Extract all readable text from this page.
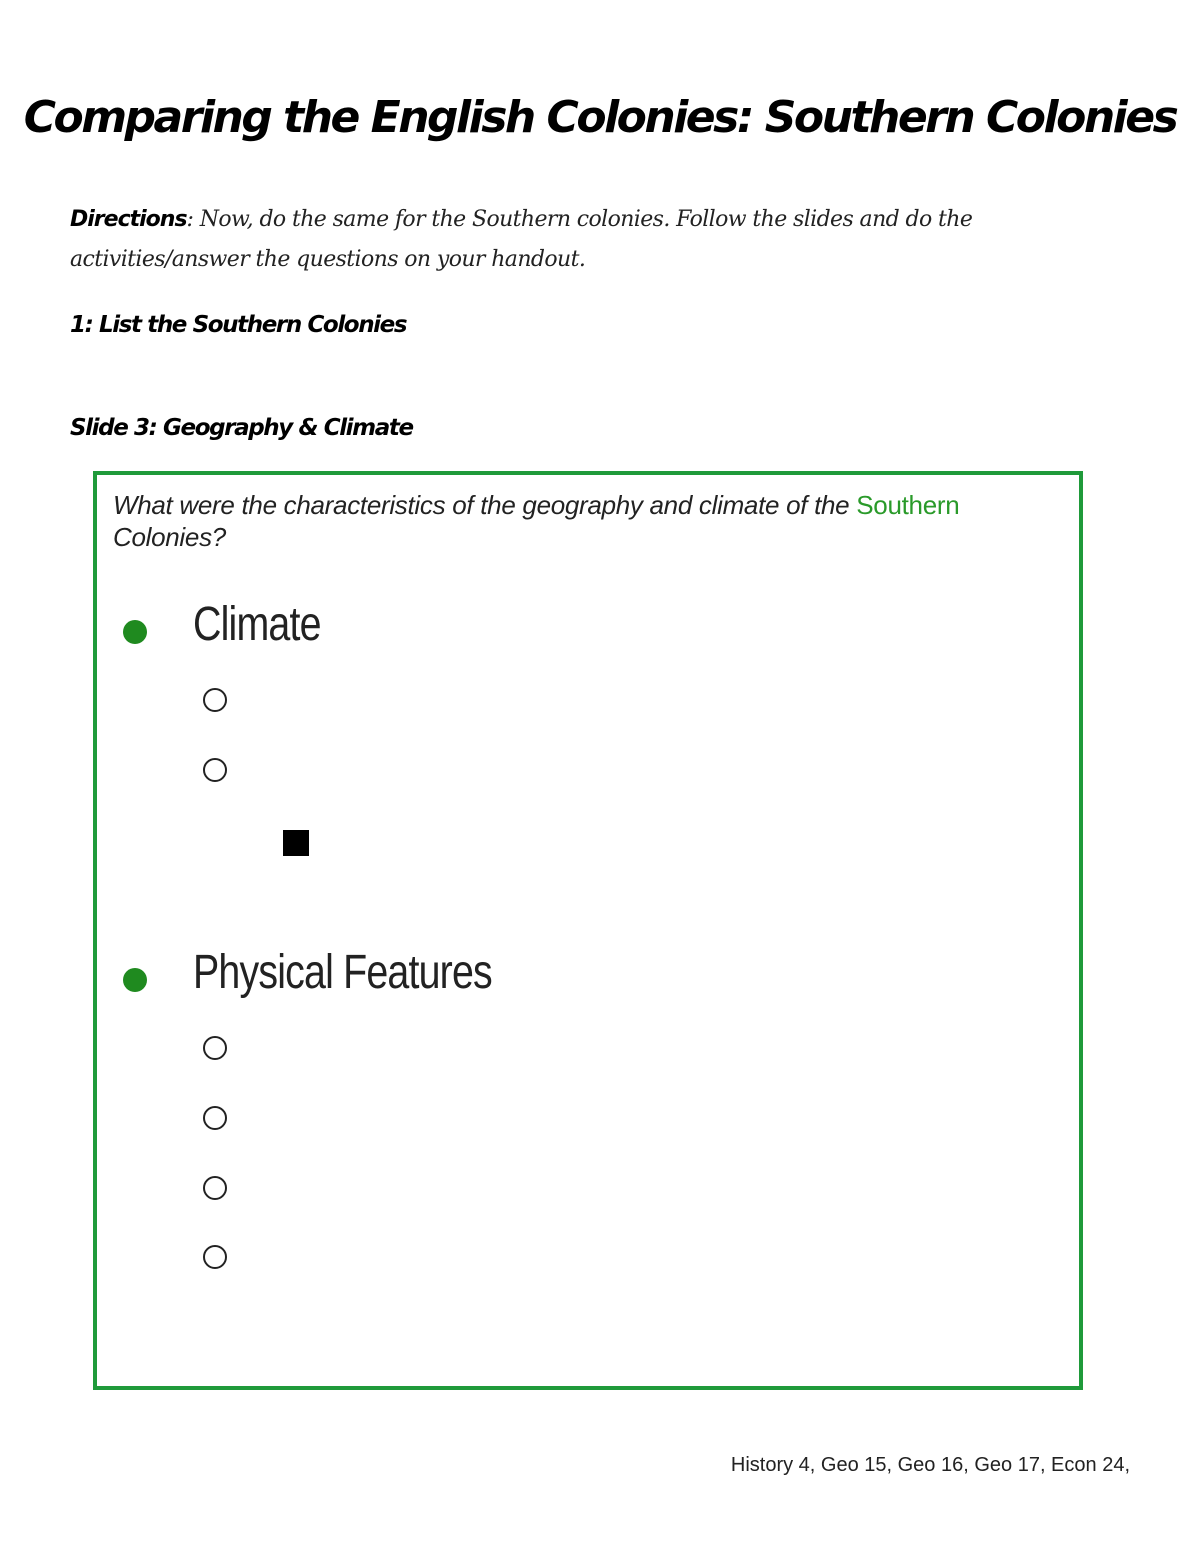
Comparing the English Colonies: Southern Colonies

Directions: Now, do the same for the Southern colonies. Follow the slides and do the activities/answer the questions on your handout.

1: List the Southern Colonies

Slide 3: Geography & Climate

What were the characteristics of the geography and climate of the Southern Colonies?

Climate

Physical Features

History 4, Geo 15, Geo 16, Geo 17, Econ 24,
